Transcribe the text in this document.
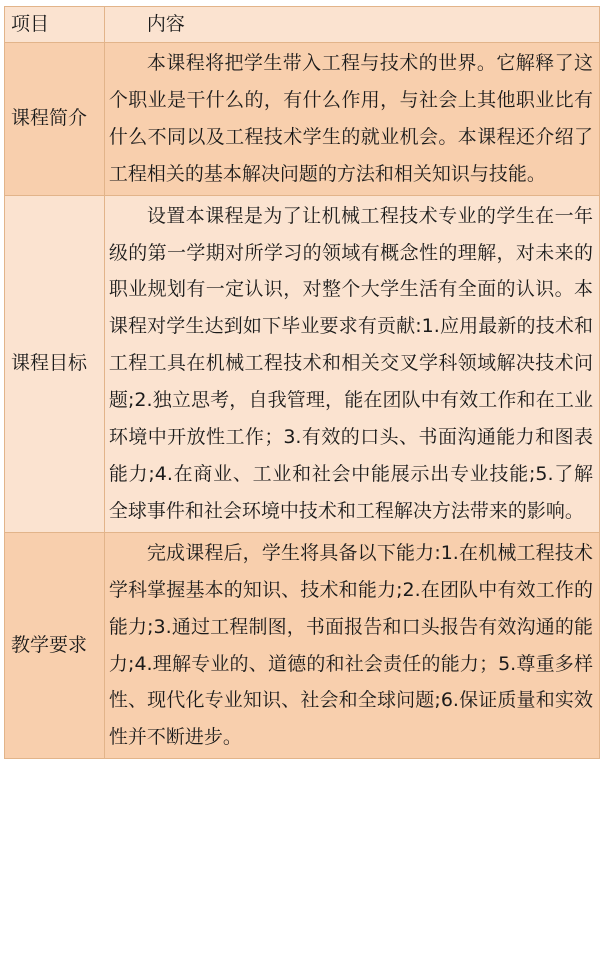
项目	内容
课程简介	本课程将把学生带入工程与技术的世界。它解释了这个职业是干什么的，有什么作用，与社会上其他职业比有什么不同以及工程技术学生的就业机会。本课程还介绍了工程相关的基本解决问题的方法和相关知识与技能。

课程目标	设置本课程是为了让机械工程技术专业的学生在一年级的第一学期对所学习的领域有概念性的理解，对未来的职业规划有一定认识，对整个大学生活有全面的认识。本课程对学生达到如下毕业要求有贡献:1.应用最新的技术和工程工具在机械工程技术和相关交叉学科领域解决技术问题;2.独立思考，自我管理，能在团队中有效工作和在工业环境中开放性工作；3.有效的口头、书面沟通能力和图表能力;4.在商业、工业和社会中能展示出专业技能;5.了解全球事件和社会环境中技术和工程解决方法带来的影响。

教学要求	完成课程后，学生将具备以下能力:1.在机械工程技术学科掌握基本的知识、技术和能力;2.在团队中有效工作的能力;3.通过工程制图，书面报告和口头报告有效沟通的能力;4.理解专业的、道德的和社会责任的能力；5.尊重多样性、现代化专业知识、社会和全球问题;6.保证质量和实效性并不断进步。
